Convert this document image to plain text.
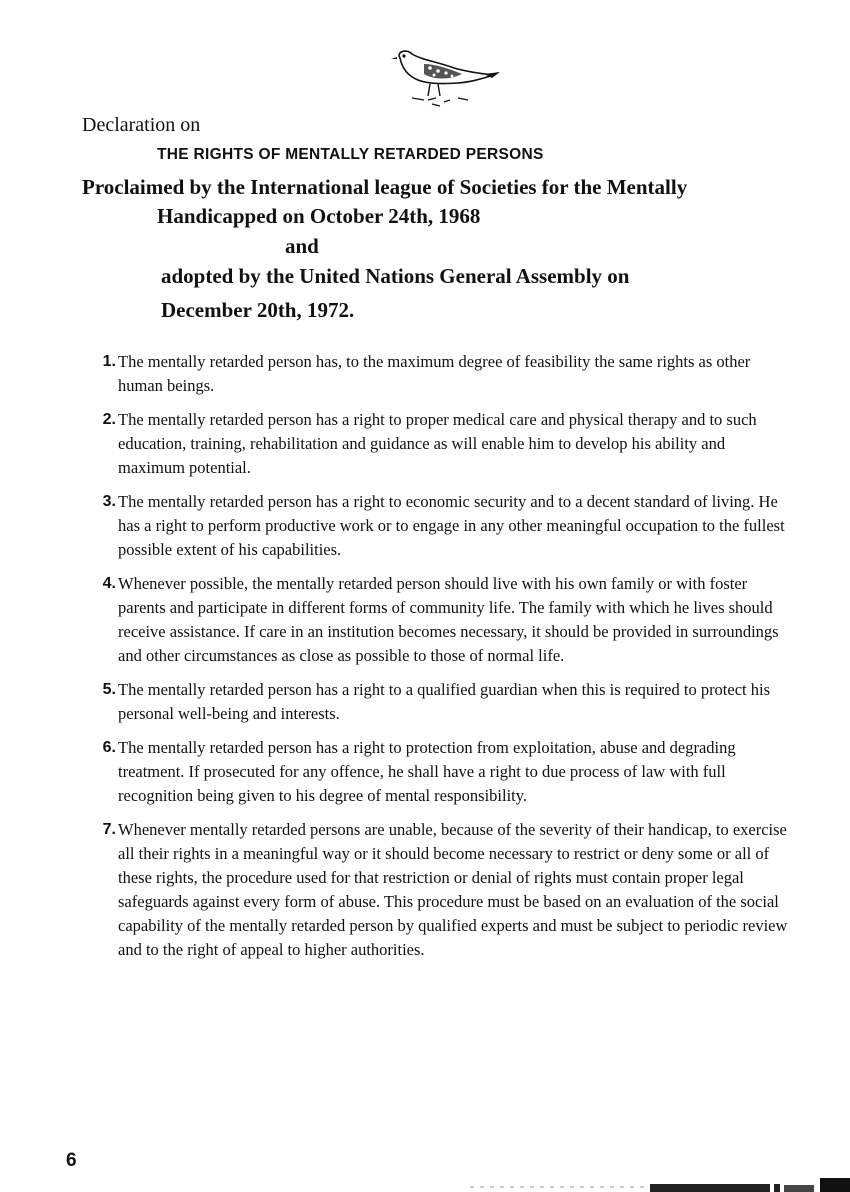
Declaration on
THE RIGHTS OF MENTALLY RETARDED PERSONS
Proclaimed by the International league of Societies for the Mentally
Handicapped on October 24th, 1968
and
adopted by the United Nations General Assembly on
December 20th, 1972.
1. The mentally retarded person has, to the maximum degree of feasibility the same rights as other human beings.
2. The mentally retarded person has a right to proper medical care and physical therapy and to such education, training, rehabilitation and guidance as will enable him to develop his ability and maximum potential.
3. The mentally retarded person has a right to economic security and to a decent standard of living. He has a right to perform productive work or to engage in any other meaningful occupation to the fullest possible extent of his capabilities.
4. Whenever possible, the mentally retarded person should live with his own family or with foster parents and participate in different forms of community life. The family with which he lives should receive assistance. If care in an institution becomes necessary, it should be provided in surroundings and other circumstances as close as possible to those of normal life.
5. The mentally retarded person has a right to a qualified guardian when this is required to protect his personal well-being and interests.
6. The mentally retarded person has a right to protection from exploitation, abuse and degrading treatment. If prosecuted for any offence, he shall have a right to due process of law with full recognition being given to his degree of mental responsibility.
7. Whenever mentally retarded persons are unable, because of the severity of their handicap, to exercise all their rights in a meaningful way or it should become necessary to restrict or deny some or all of these rights, the procedure used for that restriction or denial of rights must contain proper legal safeguards against every form of abuse. This procedure must be based on an evaluation of the social capability of the mentally retarded person by qualified experts and must be subject to periodic review and to the right of appeal to higher authorities.
6
